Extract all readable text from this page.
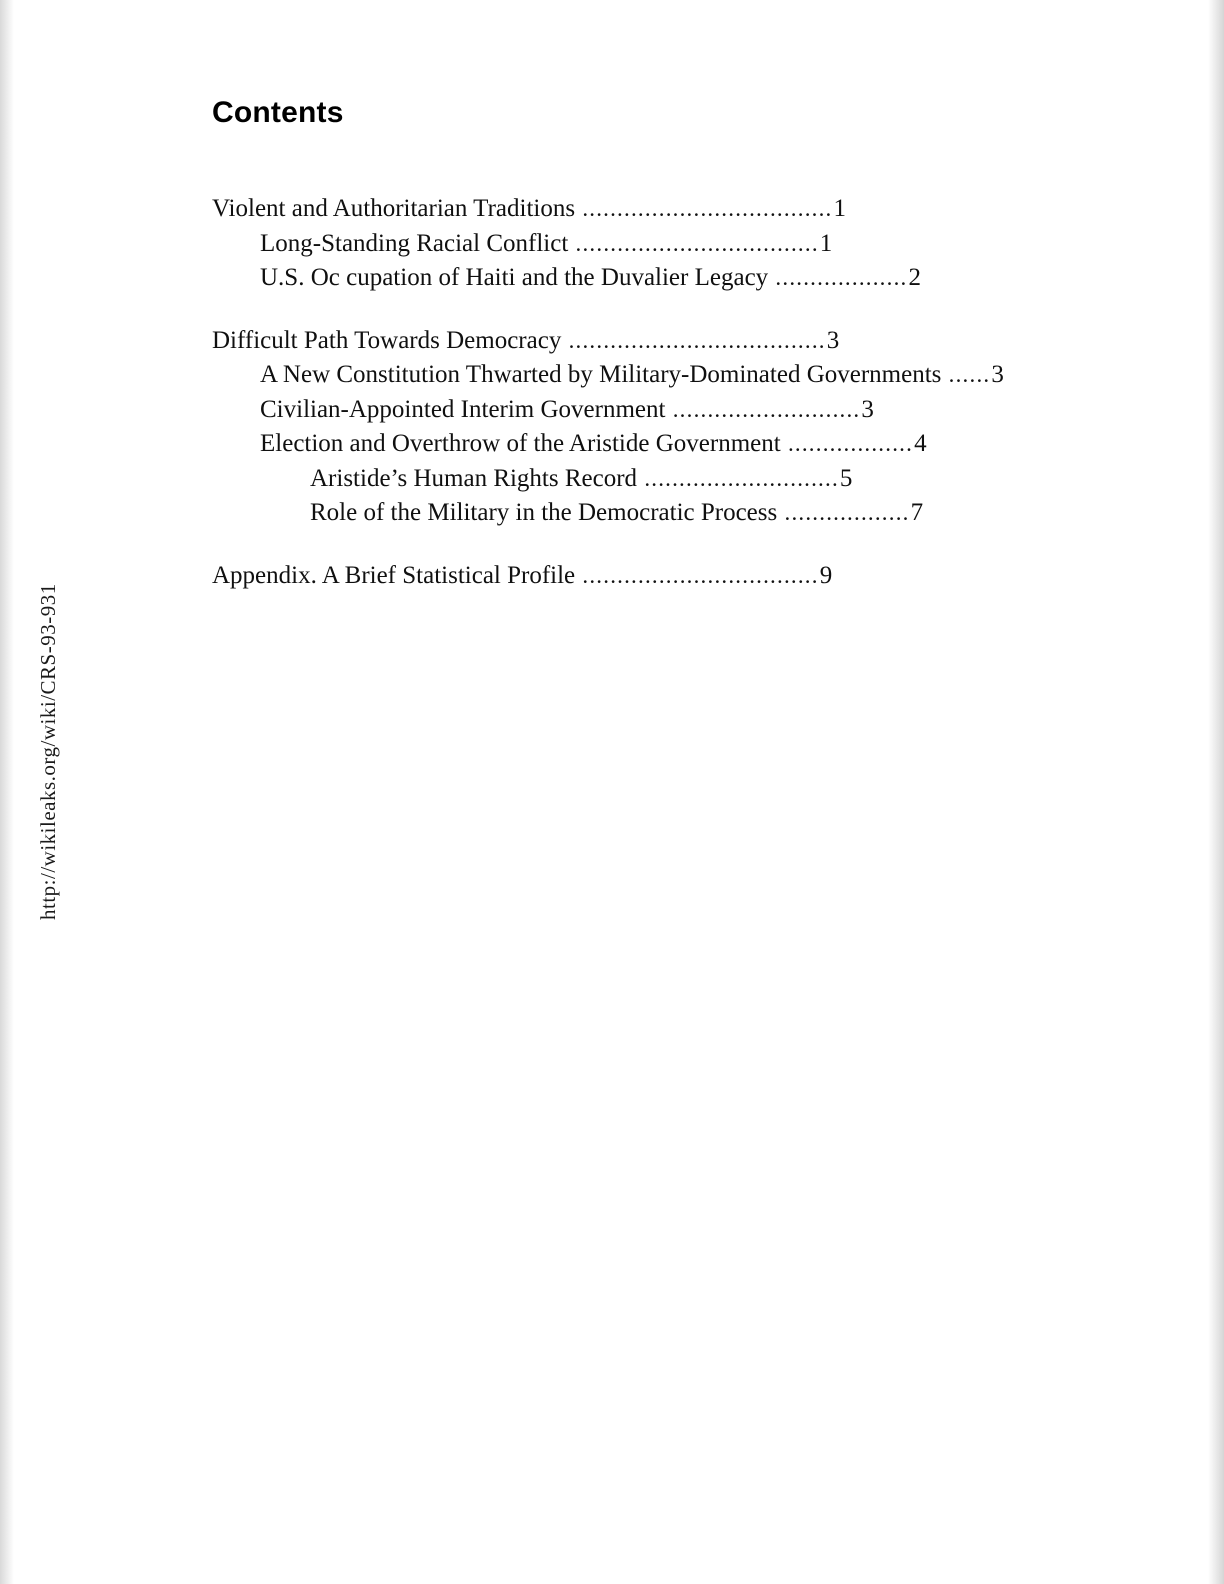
http://wikileaks.org/wiki/CRS-93-931
Contents
Violent and Authoritarian Traditions
.................................... 1
Long-Standing Racial Conflict
................................... 1
U.S. Oc cupation of Haiti and the Duvalier Legacy
................... 2
Difficult Path Towards Democracy
..................................... 3
A New Constitution Thwarted by Military-Dominated Governments
...... 3
Civilian-Appointed Interim Government
........................... 3
Election and Overthrow of the Aristide Government
.................. 4
Aristide’s Human Rights Record
............................ 5
Role of the Military in the Democratic Process
.................. 7
Appendix. A Brief Statistical Profile
.................................. 9
